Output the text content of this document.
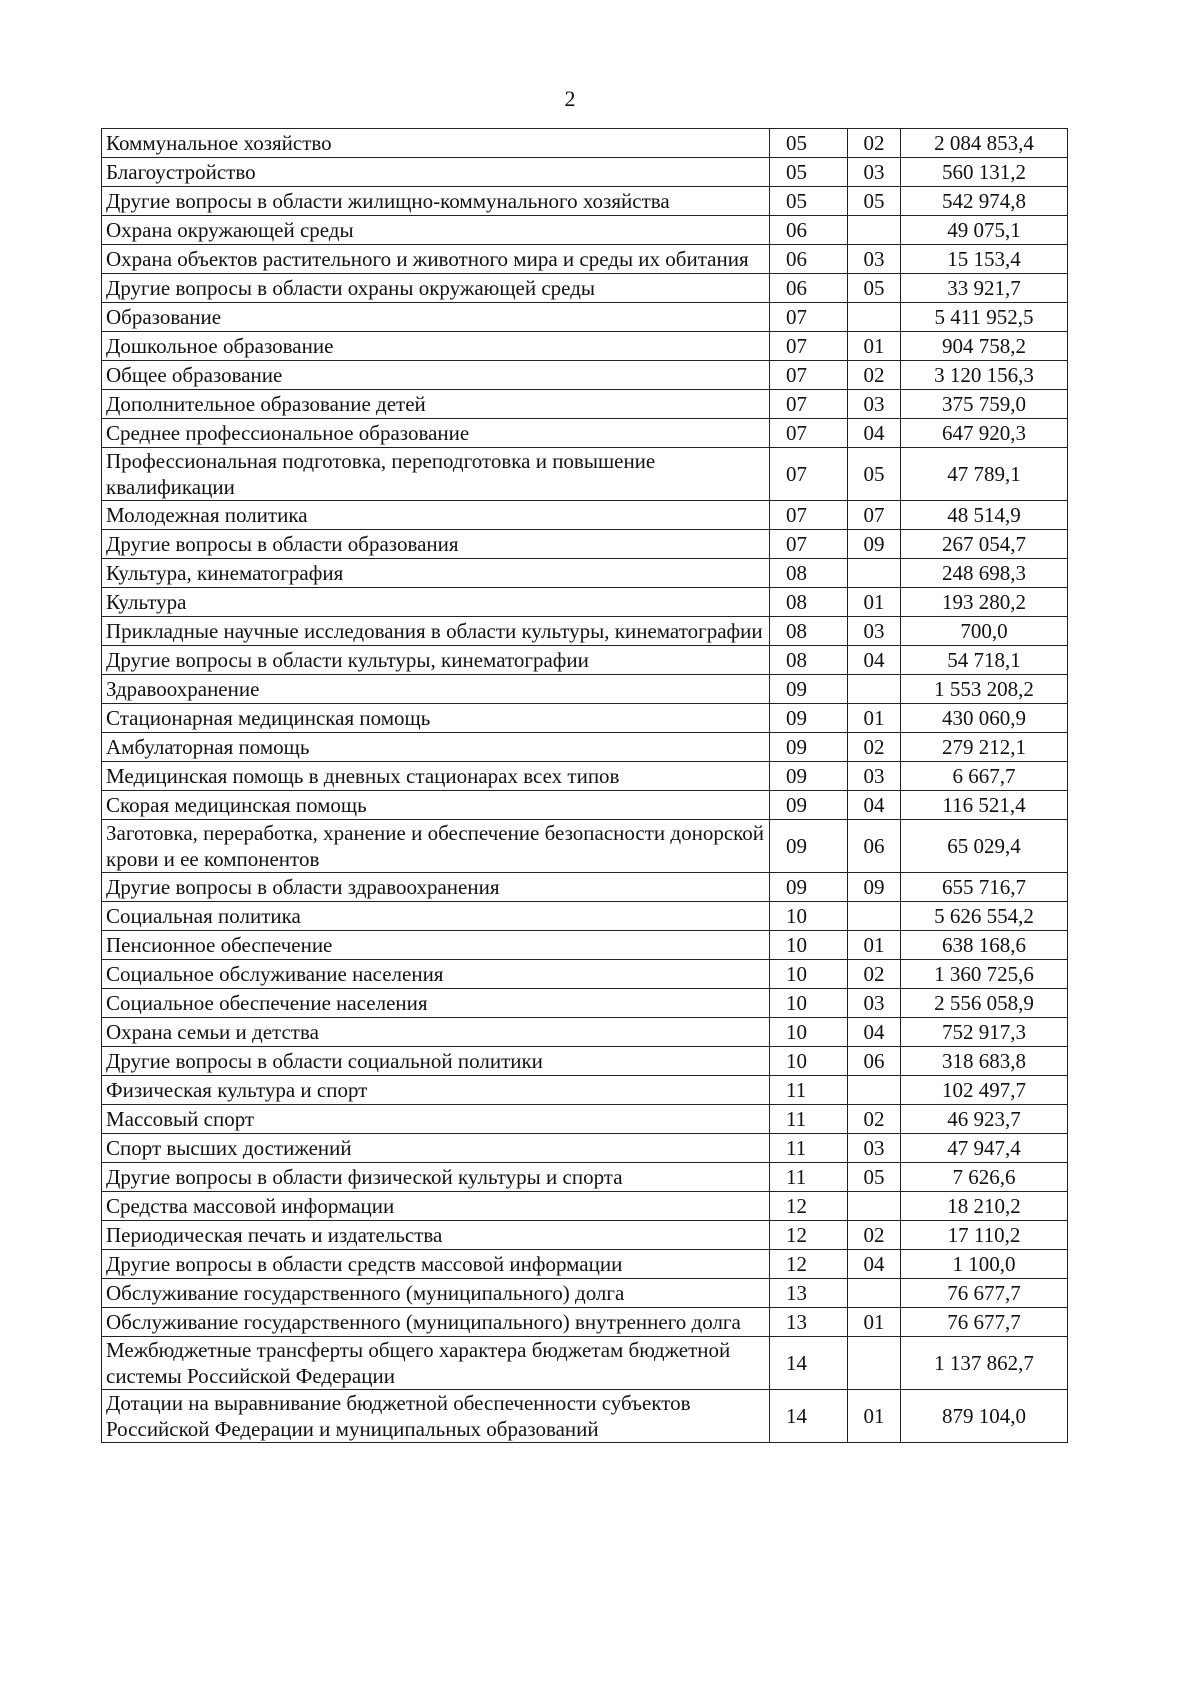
2
Коммунальное хозяйство	05	02	2 084 853,4
Благоустройство	05	03	560 131,2
Другие вопросы в области жилищно-коммунального хозяйства	05	05	542 974,8
Охрана окружающей среды	06		49 075,1
Охрана объектов растительного и животного мира и среды их обитания	06	03	15 153,4
Другие вопросы в области охраны окружающей среды	06	05	33 921,7
Образование	07		5 411 952,5
Дошкольное образование	07	01	904 758,2
Общее образование	07	02	3 120 156,3
Дополнительное образование детей	07	03	375 759,0
Среднее профессиональное образование	07	04	647 920,3
Профессиональная подготовка, переподготовка и повышение квалификации	07	05	47 789,1
Молодежная политика	07	07	48 514,9
Другие вопросы в области образования	07	09	267 054,7
Культура, кинематография	08		248 698,3
Культура	08	01	193 280,2
Прикладные научные исследования в области культуры, кинематографии	08	03	700,0
Другие вопросы в области культуры, кинематографии	08	04	54 718,1
Здравоохранение	09		1 553 208,2
Стационарная медицинская помощь	09	01	430 060,9
Амбулаторная помощь	09	02	279 212,1
Медицинская помощь в дневных стационарах всех типов	09	03	6 667,7
Скорая медицинская помощь	09	04	116 521,4
Заготовка, переработка, хранение и обеспечение безопасности донорской крови и ее компонентов	09	06	65 029,4
Другие вопросы в области здравоохранения	09	09	655 716,7
Социальная политика	10		5 626 554,2
Пенсионное обеспечение	10	01	638 168,6
Социальное обслуживание населения	10	02	1 360 725,6
Социальное обеспечение населения	10	03	2 556 058,9
Охрана семьи и детства	10	04	752 917,3
Другие вопросы в области социальной политики	10	06	318 683,8
Физическая культура и спорт	11		102 497,7
Массовый спорт	11	02	46 923,7
Спорт высших достижений	11	03	47 947,4
Другие вопросы в области физической культуры и спорта	11	05	7 626,6
Средства массовой информации	12		18 210,2
Периодическая печать и издательства	12	02	17 110,2
Другие вопросы в области средств массовой информации	12	04	1 100,0
Обслуживание государственного (муниципального) долга	13		76 677,7
Обслуживание государственного (муниципального) внутреннего долга	13	01	76 677,7
Межбюджетные трансферты общего характера бюджетам бюджетной системы Российской Федерации	14		1 137 862,7
Дотации на выравнивание бюджетной обеспеченности субъектов Российской Федерации и муниципальных образований	14	01	879 104,0
